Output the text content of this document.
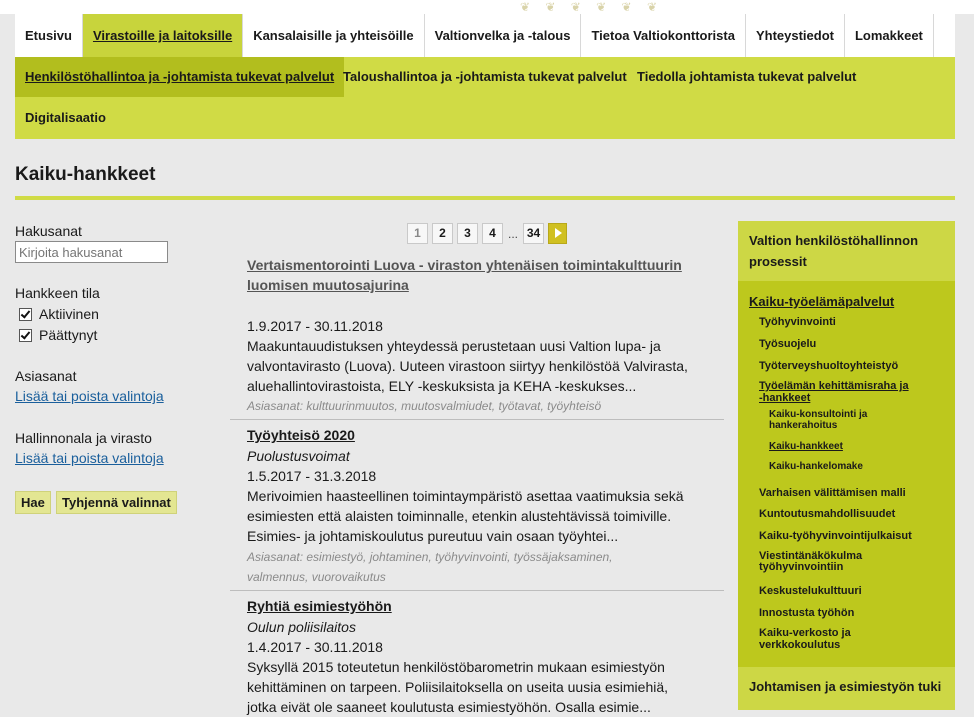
❦ ❦ ❦ ❦ ❦ ❦
Etusivu	Virastoille ja laitoksille	Kansalaisille ja yhteisöille	Valtionvelka ja -talous	Tietoa Valtiokonttorista	Yhteystiedot	Lomakkeet
Henkilöstöhallintoa ja -johtamista tukevat palvelut Taloushallintoa ja -johtamista tukevat palvelut Tiedolla johtamista tukevat palvelut
Digitalisaatio
Kaiku-hankkeet
Hakusanat
Kirjoita hakusanat
Hankkeen tila
Aktiivinen
Päättynyt
Asiasanat
Lisää tai poista valintoja
Hallinnonala ja virasto
Lisää tai poista valintoja
Hae	Tyhjennä valinnat
1	2	3	4	... 34
Vertaismentorointi Luova - viraston yhtenäisen toimintakulttuurin
luomisen muutosajurina
1.9.2017 - 30.11.2018
Maakuntauudistuksen yhteydessä perustetaan uusi Valtion lupa- ja
valvontavirasto (Luova). Uuteen virastoon siirtyy henkilöstöä Valvirasta,
aluehallintovirastoista, ELY -keskuksista ja KEHA -keskukses...
Asiasanat: kulttuurinmuutos, muutosvalmiudet, työtavat, työyhteisö
Työyhteisö 2020
Puolustusvoimat
1.5.2017 - 31.3.2018
Merivoimien haasteellinen toimintaympäristö asettaa vaatimuksia sekä
esimiesten että alaisten toiminnalle, etenkin alustehtävissä toimiville.
Esimies- ja johtamiskoulutus pureutuu vain osaan työyhtei...
Asiasanat: esimiestyö, johtaminen, työhyvinvointi, työssäjaksaminen,
valmennus, vuorovaikutus
Ryhtiä esimiestyöhön
Oulun poliisilaitos
1.4.2017 - 30.11.2018
Syksyllä 2015 toteutetun henkilöstöbarometrin mukaan esimiestyön
kehittäminen on tarpeen. Poliisilaitoksella on useita uusia esimiehiä,
jotka eivät ole saaneet koulutusta esimiestyöhön. Osalla esimie...
Valtion henkilöstöhallinnon
prosessit
Kaiku-työelämäpalvelut
Työhyvinvointi
Työsuojelu
Työterveyshuoltoyhteistyö
Työelämän kehittämisraha ja
-hankkeet
Kaiku-konsultointi ja
hankerahoitus
Kaiku-hankkeet
Kaiku-hankelomake
Varhaisen välittämisen malli
Kuntoutusmahdollisuudet
Kaiku-työhyvinvointijulkaisut
Viestintänäkökulma
työhyvinvointiin
Keskustelukulttuuri
Innostusta työhön
Kaiku-verkosto ja
verkkokoulutus
Johtamisen ja esimiestyön tuki
